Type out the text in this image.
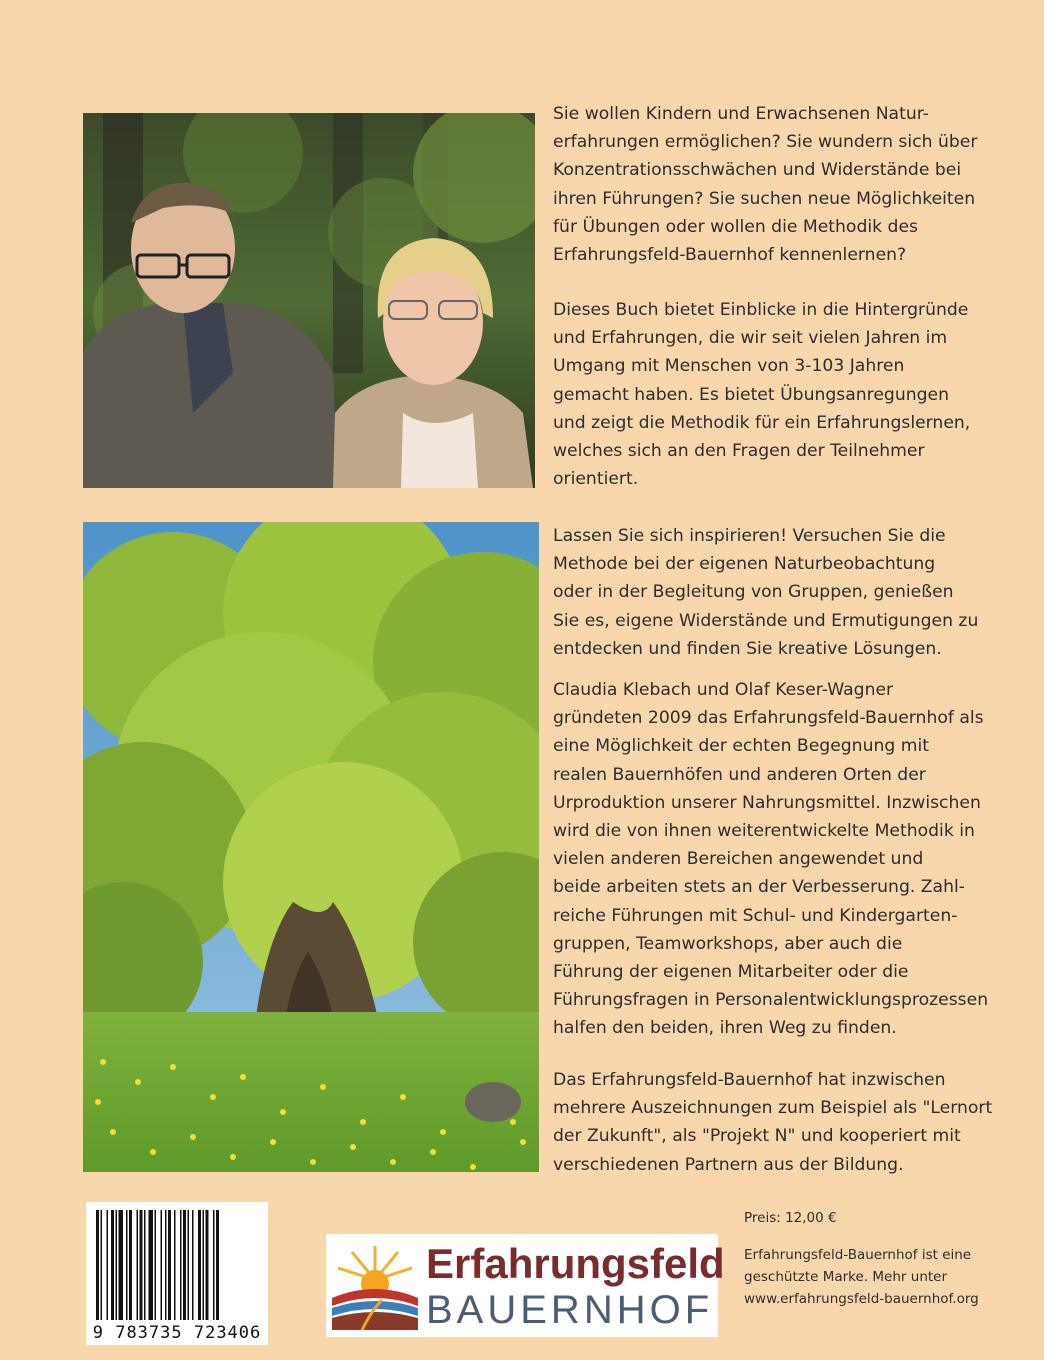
Sie wollen Kindern und Erwachsenen Natur-
erfahrungen ermöglichen? Sie wundern sich über
Konzentrationsschwächen und Widerstände bei
ihren Führungen? Sie suchen neue Möglichkeiten
für Übungen oder wollen die Methodik des
Erfahrungsfeld-Bauernhof kennenlernen?

Dieses Buch bietet Einblicke in die Hintergründe
und Erfahrungen, die wir seit vielen Jahren im
Umgang mit Menschen von 3-103 Jahren
gemacht haben. Es bietet Übungsanregungen
und zeigt die Methodik für ein Erfahrungslernen,
welches sich an den Fragen der Teilnehmer
orientiert.

Lassen Sie sich inspirieren! Versuchen Sie die
Methode bei der eigenen Naturbeobachtung
oder in der Begleitung von Gruppen, genießen
Sie es, eigene Widerstände und Ermutigungen zu
entdecken und finden Sie kreative Lösungen.

Claudia Klebach und Olaf Keser-Wagner
gründeten 2009 das Erfahrungsfeld-Bauernhof als
eine Möglichkeit der echten Begegnung mit
realen Bauernhöfen und anderen Orten der
Urproduktion unserer Nahrungsmittel. Inzwischen
wird die von ihnen weiterentwickelte Methodik in
vielen anderen Bereichen angewendet und
beide arbeiten stets an der Verbesserung. Zahl-
reiche Führungen mit Schul- und Kindergarten-
gruppen, Teamworkshops, aber auch die
Führung der eigenen Mitarbeiter oder die
Führungsfragen in Personalentwicklungsprozessen
halfen den beiden, ihren Weg zu finden.

Das Erfahrungsfeld-Bauernhof hat inzwischen
mehrere Auszeichnungen zum Beispiel als "Lernort
der Zukunft", als "Projekt N" und kooperiert mit
verschiedenen Partnern aus der Bildung.

9 783735 723406
Erfahrungsfeld
BAUERNHOF
Preis: 12,00 €
Erfahrungsfeld-Bauernhof ist eine
geschützte Marke. Mehr unter
www.erfahrungsfeld-bauernhof.org
